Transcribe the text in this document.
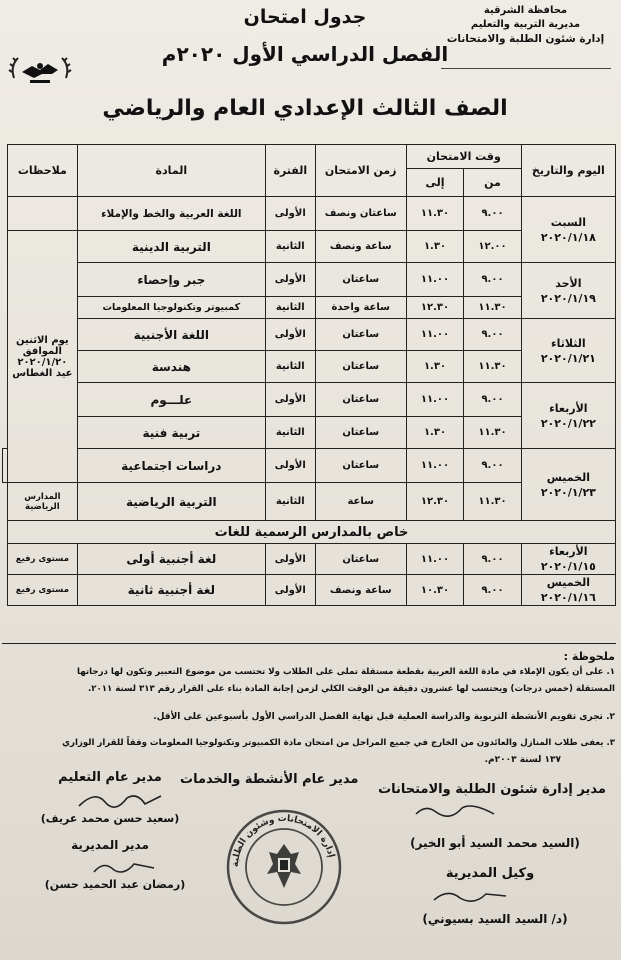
محافظة الشرقية
مديرية التربية والتعليم
إدارة شئون الطلبة والامتحانات
جدول امتحان
الفصل الدراسي الأول ٢٠٢٠م
الصف الثالث الإعدادي العام والرياضي
اليوم والتاريخ	وقت الامتحان		زمن الامتحان	الفترة	المادة	ملاحظات	
	من	إلى					

السبت
٢٠٢٠/١/١٨	٩.٠٠	١١.٣٠	ساعتان ونصف	الأولى	اللغة العربية والخط والإملاء		
	١٢.٠٠	١.٣٠	ساعة ونصف	الثانية	التربية الدينية	يوم الاثنين
الموافق
٢٠٢٠/١/٢٠
عيد الغطاس	

الأحد
٢٠٢٠/١/١٩	٩.٠٠	١١.٠٠	ساعتان	الأولى	جبر وإحصاء		
	١١.٣٠	١٢.٣٠	ساعة واحدة	الثانية	كمبيوتر وتكنولوجيا المعلومات		

الثلاثاء
٢٠٢٠/١/٢١	٩.٠٠	١١.٠٠	ساعتان	الأولى	اللغة الأجنبية		
	١١.٣٠	١.٣٠	ساعتان	الثانية	هندسة		

الأربعاء
٢٠٢٠/١/٢٢	٩.٠٠	١١.٠٠	ساعتان	الأولى	علـــوم		
	١١.٣٠	١.٣٠	ساعتان	الثانية	تربية فنية		

الخميس
٢٠٢٠/١/٢٣	٩.٠٠	١١.٠٠	ساعتان	الأولى	دراسات اجتماعية		
	١١.٣٠	١٢.٣٠	ساعة	الثانية	التربية الرياضية	المدارس الرياضية	
خاص بالمدارس الرسمية للغات							

الأربعاء
٢٠٢٠/١/١٥	٩.٠٠	١١.٠٠	ساعتان	الأولى	لغة أجنبية أولى	مستوى رفيع	

الخميس
٢٠٢٠/١/١٦	٩.٠٠	١٠.٣٠	ساعة ونصف	الأولى	لغة أجنبية ثانية	مستوى رفيع	
ملحوظة :
١. على أن يكون الإملاء في مادة اللغة العربية بقطعة مستقلة تملى على الطلاب ولا تحتسب من موضوع التعبير وتكون لها درجاتها
المستقلة (خمس درجات) ويحتسب لها عشرون دقيقة من الوقت الكلي لزمن إجابة المادة بناء على القرار رقم ٣١٣ لسنة ٢٠١١.
٢. تجرى تقويم الأنشطة التربوية والدراسة العملية قبل نهاية الفصل الدراسي الأول بأسبوعين على الأقل.
٣. يعفى طلاب المنازل والعائدون من الخارج في جميع المراحل من امتحان مادة الكمبيوتر وتكنولوجيا المعلومات وفقاً للقرار الوزاري
١٣٧ لسنة ٢٠٠٣م.
مدير عام التعليم
(سعيد حسن محمد عريف)
مدير المديرية
(رمضان عبد الحميد حسن)
مدير عام الأنشطة والخدمات
مدير إدارة شئون الطلبة والامتحانات
(السيد محمد السيد أبو الخير)
وكيل المديرية
(د/ السيد السيد بسيوني)
إدارة الامتحانات وشئون الطلبة
